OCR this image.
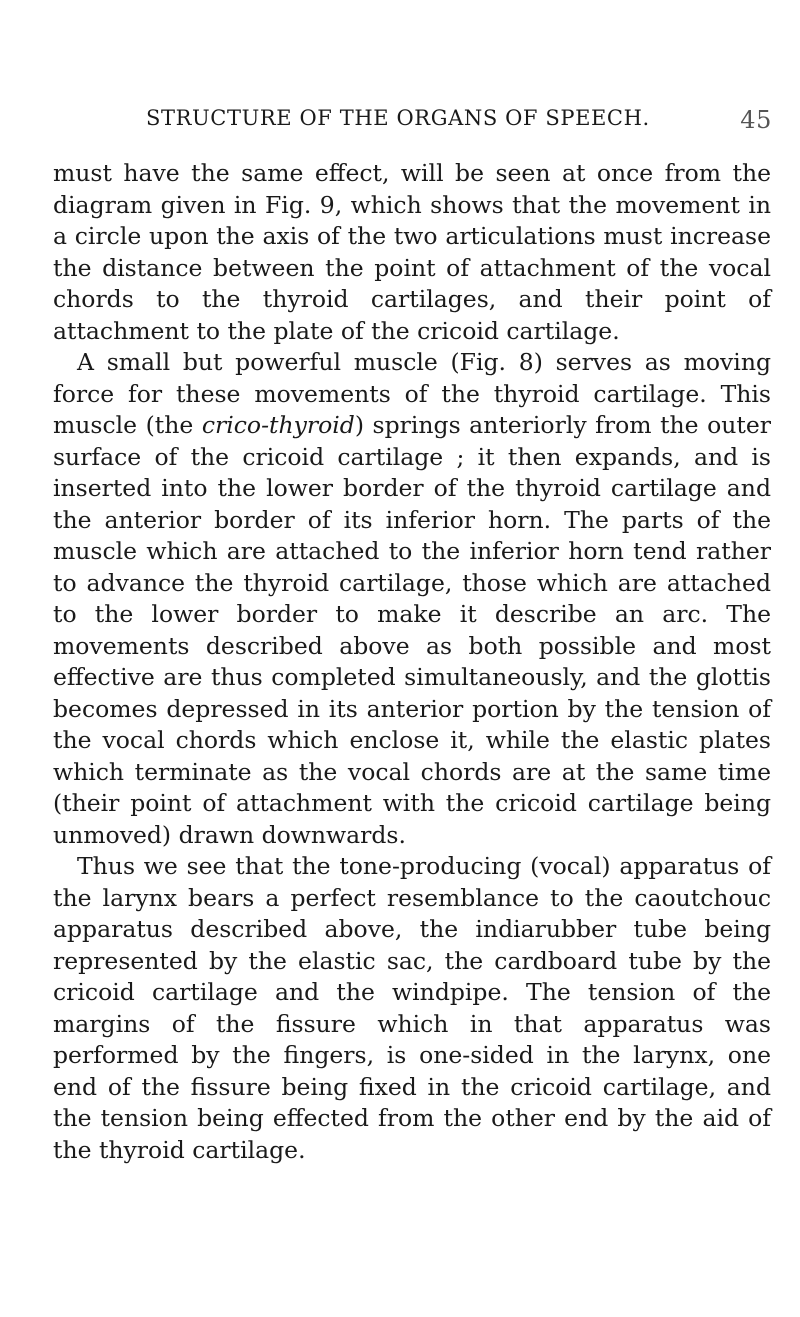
STRUCTURE OF THE ORGANS OF SPEECH.	45

must have the same effect, will be seen at once from the diagram given in Fig. 9, which shows that the movement in a circle upon the axis of the two articulations must increase the distance between the point of attachment of the vocal chords to the thyroid cartilages, and their point of attachment to the plate of the cricoid cartilage.

A small but powerful muscle (Fig. 8) serves as moving force for these movements of the thyroid cartilage. This muscle (the crico-thyroid) springs anteriorly from the outer surface of the cricoid cartilage ; it then expands, and is inserted into the lower border of the thyroid cartilage and the anterior border of its inferior horn. The parts of the muscle which are attached to the inferior horn tend rather to advance the thyroid cartilage, those which are attached to the lower border to make it describe an arc. The movements described above as both possible and most effective are thus completed simultaneously, and the glottis becomes depressed in its anterior portion by the tension of the vocal chords which enclose it, while the elastic plates which terminate as the vocal chords are at the same time (their point of attachment with the cricoid cartilage being unmoved) drawn downwards.

Thus we see that the tone-producing (vocal) apparatus of the larynx bears a perfect resemblance to the caoutchouc apparatus described above, the indiarubber tube being represented by the elastic sac, the cardboard tube by the cricoid cartilage and the windpipe. The tension of the margins of the fissure which in that apparatus was performed by the fingers, is one-sided in the larynx, one end of the fissure being fixed in the cricoid cartilage, and the tension being effected from the other end by the aid of the thyroid cartilage.
